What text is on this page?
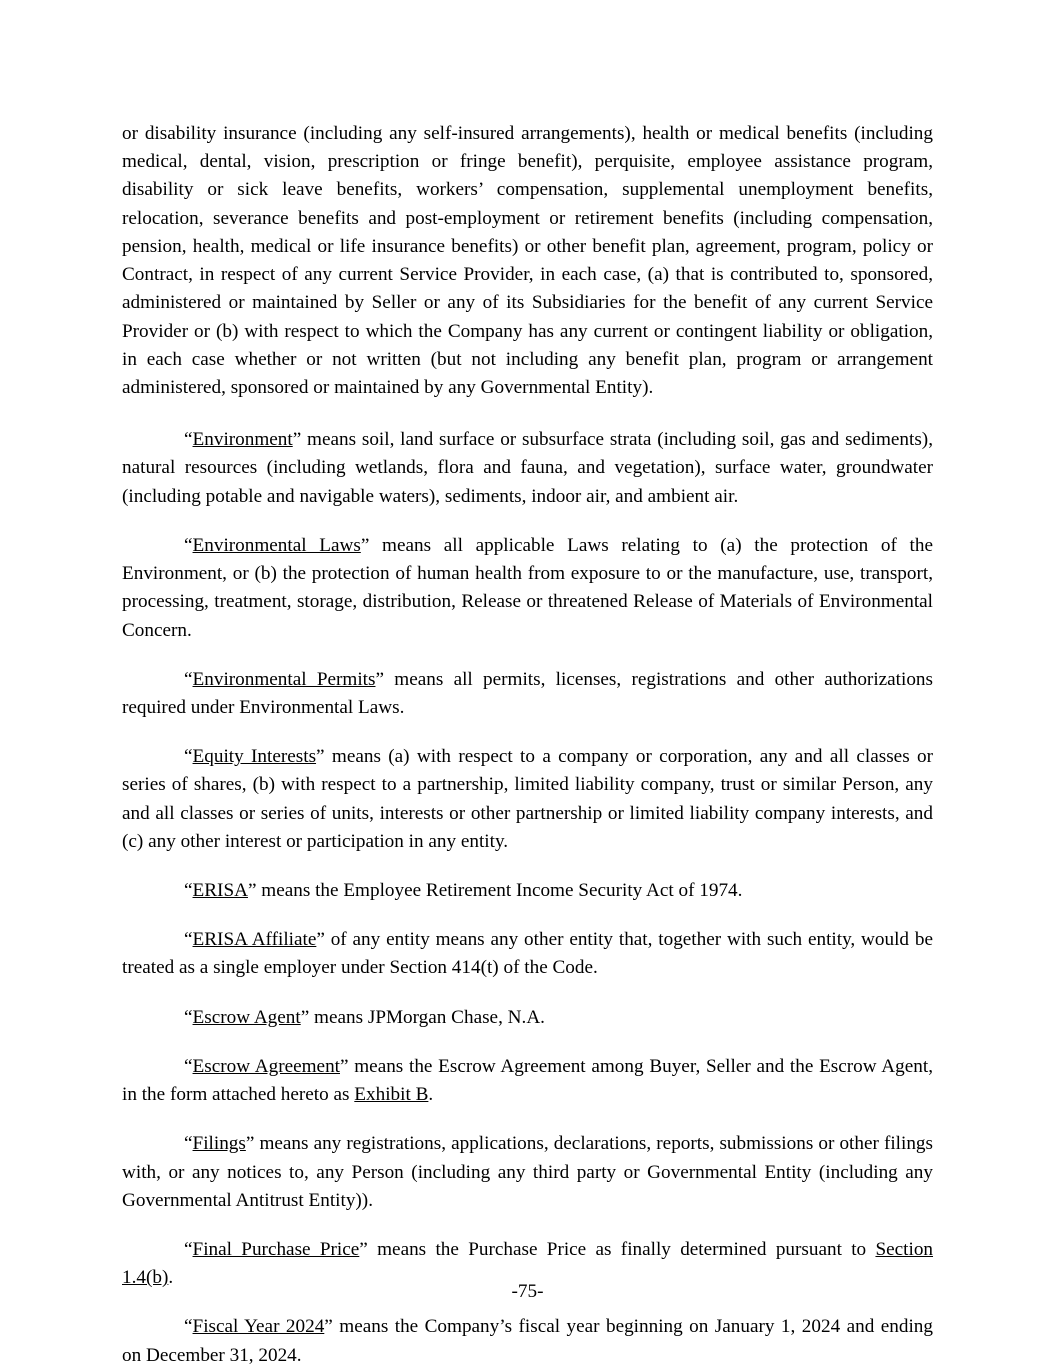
or disability insurance (including any self-insured arrangements), health or medical benefits (including medical, dental, vision, prescription or fringe benefit), perquisite, employee assistance program, disability or sick leave benefits, workers’ compensation, supplemental unemployment benefits, relocation, severance benefits and post-employment or retirement benefits (including compensation, pension, health, medical or life insurance benefits) or other benefit plan, agreement, program, policy or Contract, in respect of any current Service Provider, in each case, (a) that is contributed to, sponsored, administered or maintained by Seller or any of its Subsidiaries for the benefit of any current Service Provider or (b) with respect to which the Company has any current or contingent liability or obligation, in each case whether or not written (but not including any benefit plan, program or arrangement administered, sponsored or maintained by any Governmental Entity).

“Environment” means soil, land surface or subsurface strata (including soil, gas and sediments), natural resources (including wetlands, flora and fauna, and vegetation), surface water, groundwater (including potable and navigable waters), sediments, indoor air, and ambient air.

“Environmental Laws” means all applicable Laws relating to (a) the protection of the Environment, or (b) the protection of human health from exposure to or the manufacture, use, transport, processing, treatment, storage, distribution, Release or threatened Release of Materials of Environmental Concern.

“Environmental Permits” means all permits, licenses, registrations and other authorizations required under Environmental Laws.

“Equity Interests” means (a) with respect to a company or corporation, any and all classes or series of shares, (b) with respect to a partnership, limited liability company, trust or similar Person, any and all classes or series of units, interests or other partnership or limited liability company interests, and (c) any other interest or participation in any entity.

“ERISA” means the Employee Retirement Income Security Act of 1974.

“ERISA Affiliate” of any entity means any other entity that, together with such entity, would be treated as a single employer under Section 414(t) of the Code.

“Escrow Agent” means JPMorgan Chase, N.A.

“Escrow Agreement” means the Escrow Agreement among Buyer, Seller and the Escrow Agent, in the form attached hereto as Exhibit B.

“Filings” means any registrations, applications, declarations, reports, submissions or other filings with, or any notices to, any Person (including any third party or Governmental Entity (including any Governmental Antitrust Entity)).

“Final Purchase Price” means the Purchase Price as finally determined pursuant to Section 1.4(b).

“Fiscal Year 2024” means the Company’s fiscal year beginning on January 1, 2024 and ending on December 31, 2024.

-75-
